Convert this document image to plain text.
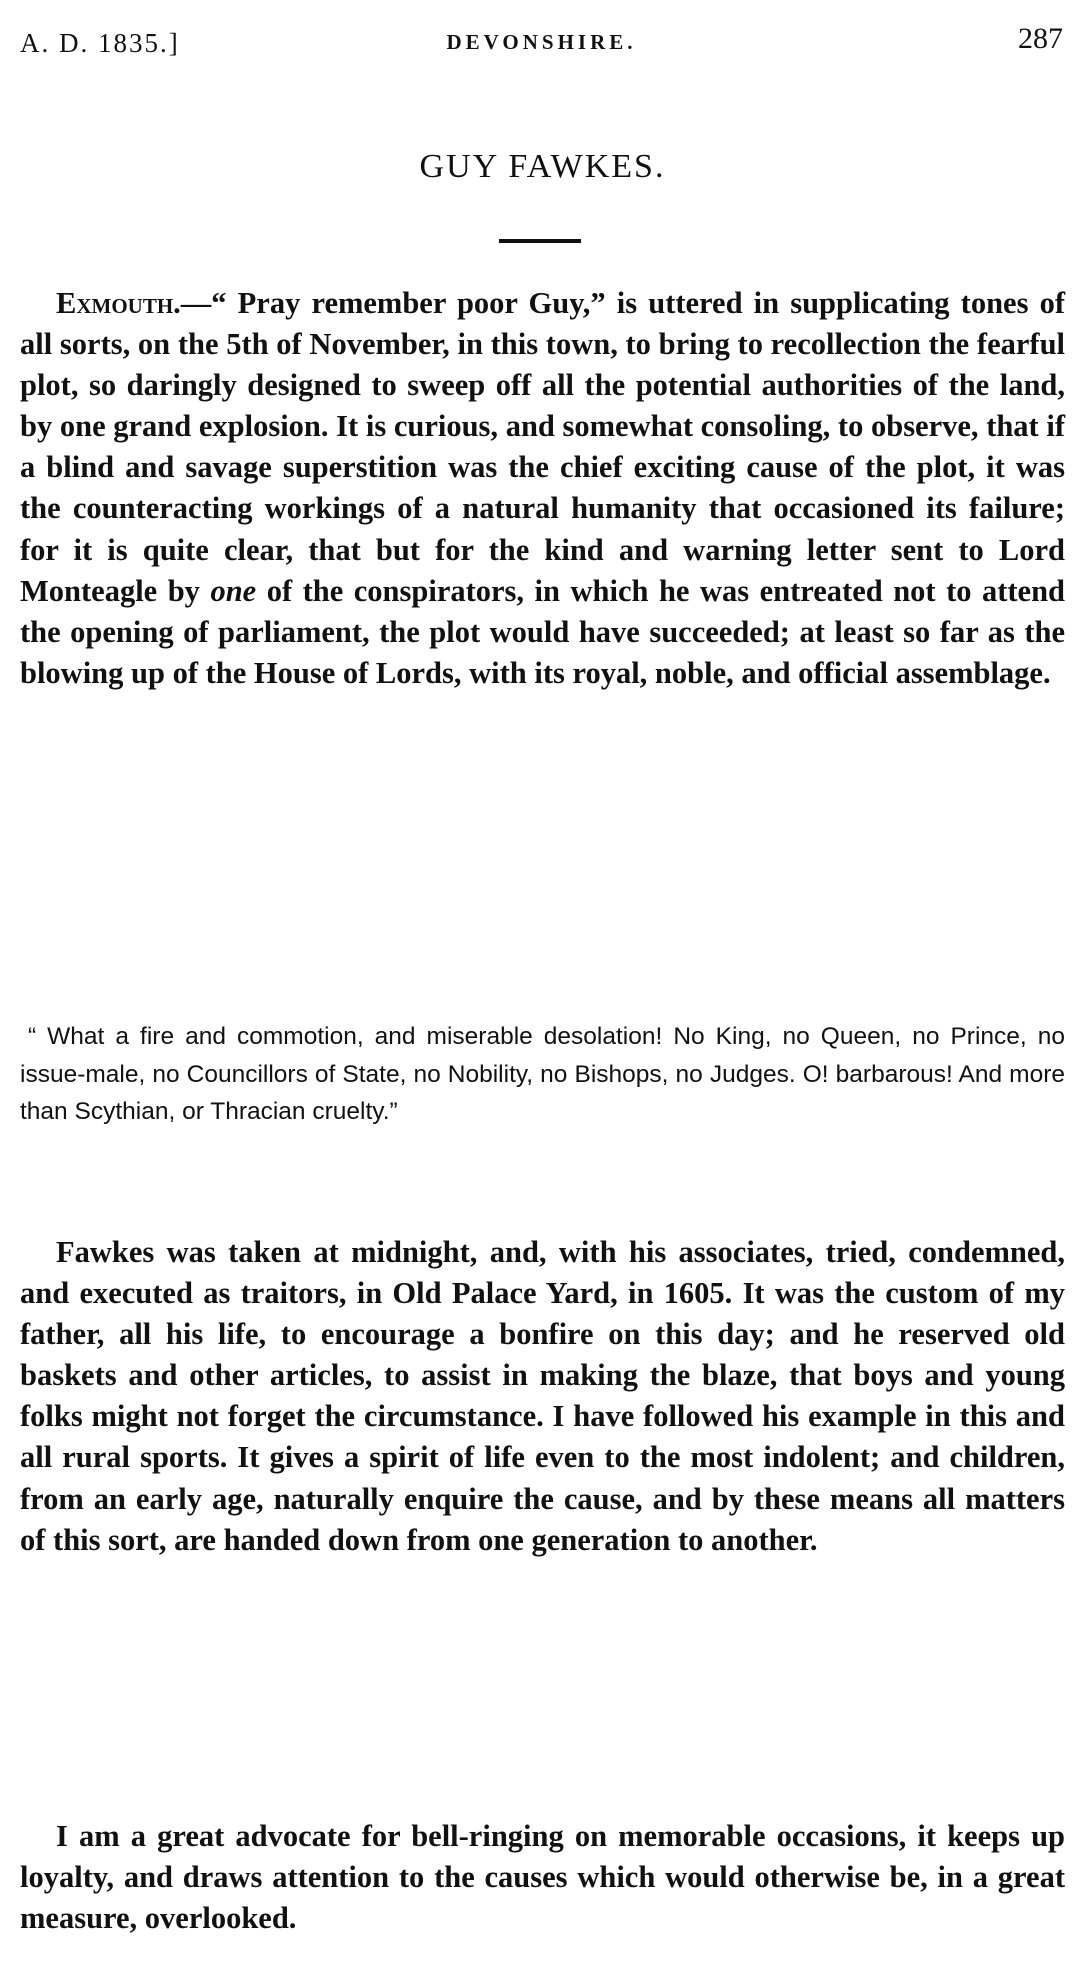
A. D. 1835.]	DEVONSHIRE.	287
GUY FAWKES.

Exmouth.—“ Pray remember poor Guy,” is uttered in supplicating tones of all sorts, on the 5th of November, in this town, to bring to recollection the fearful plot, so daringly designed to sweep off all the potential authorities of the land, by one grand explosion. It is curious, and somewhat consoling, to observe, that if a blind and savage superstition was the chief exciting cause of the plot, it was the counteracting workings of a natural humanity that occasioned its failure; for it is quite clear, that but for the kind and warning letter sent to Lord Monteagle by one of the conspirators, in which he was entreated not to attend the opening of parliament, the plot would have succeeded; at least so far as the blowing up of the House of Lords, with its royal, noble, and official assemblage.

“ What a fire and commotion, and miserable desolation! No King, no Queen, no Prince, no issue-male, no Councillors of State, no Nobility, no Bishops, no Judges. O! barbarous! And more than Scythian, or Thracian cruelty.”

Fawkes was taken at midnight, and, with his associates, tried, condemned, and executed as traitors, in Old Palace Yard, in 1605. It was the custom of my father, all his life, to encourage a bonfire on this day; and he reserved old baskets and other articles, to assist in making the blaze, that boys and young folks might not forget the circumstance. I have followed his example in this and all rural sports. It gives a spirit of life even to the most indolent; and children, from an early age, naturally enquire the cause, and by these means all matters of this sort, are handed down from one generation to another.

I am a great advocate for bell-ringing on memorable occasions, it keeps up loyalty, and draws attention to the causes which would otherwise be, in a great measure, overlooked.
